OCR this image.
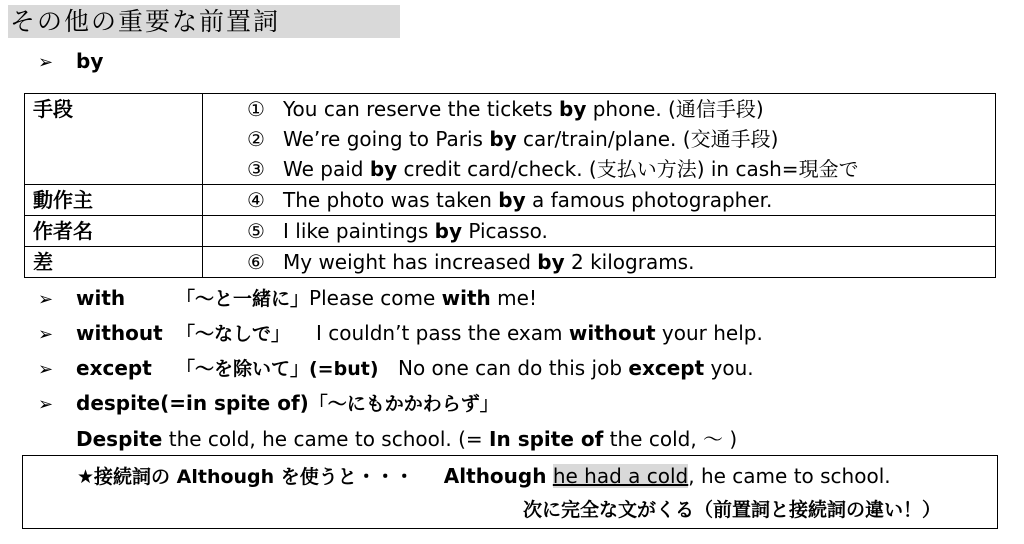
その他の重要な前置詞
➢ by
手段	① You can reserve the tickets by phone. (通信手段)
② We’re going to Paris by car/train/plane. (交通手段)
③ We paid by credit card/check. (支払い方法) in cash=現金で

動作主	④ The photo was taken by a famous photographer.

作者名	⑤ I like paintings by Picasso.

差	⑥ My weight has increased by 2 kilograms.
➢ with	「～と一緒に」Please come with me!
➢ without 「～なしで」 I couldn’t pass the exam without your help.
➢ except 「～を除いて」(=but) No one can do this job except you.
➢ despite(=in spite of)「～にもかかわらず」
Despite the cold, he came to school. (= In spite of the cold, ～ )
★接続詞の Although を使うと・・・ Although he had a cold, he came to school.
次に完全な文がくる（前置詞と接続詞の違い！）
